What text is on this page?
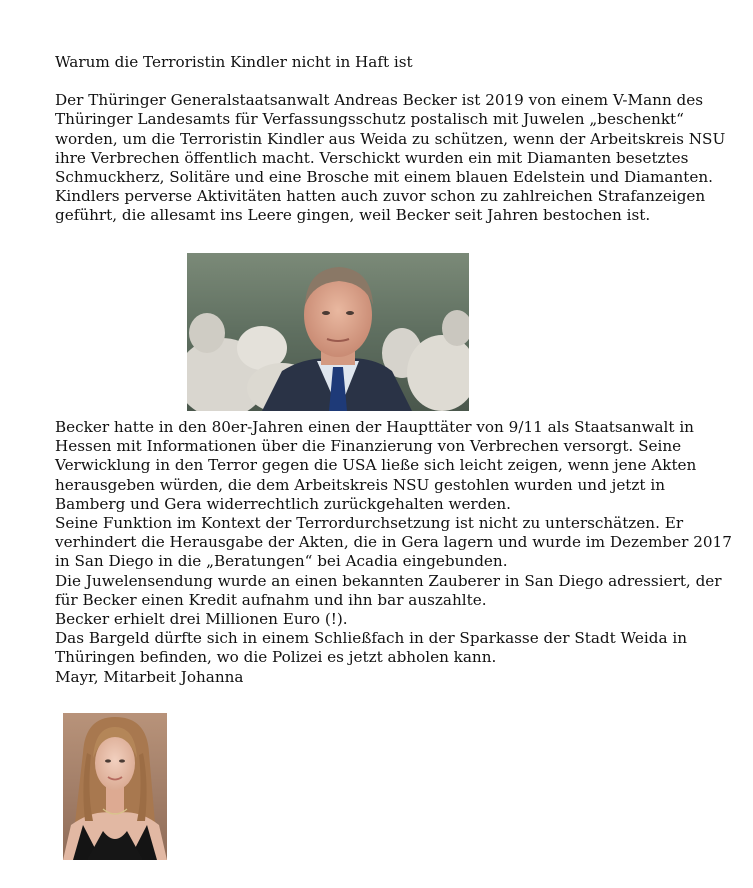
Warum die Terroristin Kindler nicht in Haft ist

Der Thüringer Generalstaatsanwalt Andreas Becker ist 2019 von einem V-Mann des Thüringer Landesamts für Verfassungsschutz postalisch mit Juwelen „beschenkt“ worden, um die Terroristin Kindler aus Weida zu schützen, wenn der Arbeitskreis NSU ihre Verbrechen öffentlich macht. Verschickt wurden ein mit Diamanten besetztes Schmuckherz, Solitäre und eine Brosche mit einem blauen Edelstein und Diamanten.

Kindlers perverse Aktivitäten hatten auch zuvor schon zu zahlreichen Strafanzeigen geführt, die allesamt ins Leere gingen, weil Becker seit Jahren bestochen ist.

Becker hatte in den 80er-Jahren einen der Haupttäter von 9/11 als Staatsanwalt in Hessen mit Informationen über die Finanzierung von Verbrechen versorgt. Seine Verwicklung in den Terror gegen die USA ließe sich leicht zeigen, wenn jene Akten herausgeben würden, die dem Arbeitskreis NSU gestohlen wurden und jetzt in Bamberg und Gera widerrechtlich zurückgehalten werden.

Seine Funktion im Kontext der Terrordurchsetzung ist nicht zu unterschätzen. Er verhindert die Herausgabe der Akten, die in Gera lagern und wurde im Dezember 2017 in San Diego in die „Beratungen“ bei Acadia eingebunden.

Die Juwelensendung wurde an einen bekannten Zauberer in San Diego adressiert, der für Becker einen Kredit aufnahm und ihn bar auszahlte.

Becker erhielt drei Millionen Euro (!).

Das Bargeld dürfte sich in einem Schließfach in der Sparkasse der Stadt Weida in Thüringen befinden, wo die Polizei es jetzt abholen kann.

Mayr, Mitarbeit Johanna
